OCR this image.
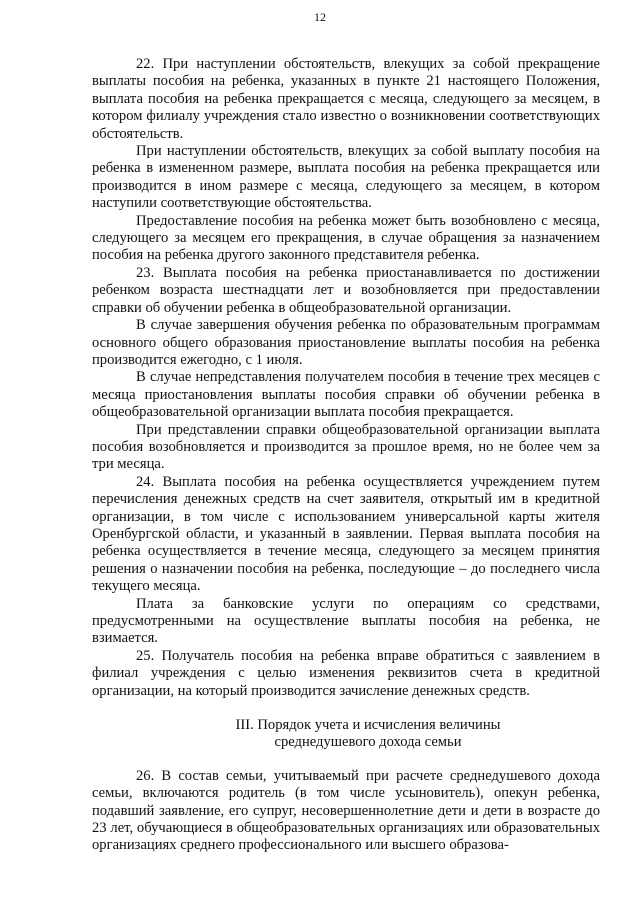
12

22. При наступлении обстоятельств, влекущих за собой прекращение выплаты пособия на ребенка, указанных в пункте 21 настоящего Положения, выплата пособия на ребенка прекращается с месяца, следующего за месяцем, в котором филиалу учреждения стало известно о возникновении соответствующих обстоятельств.

При наступлении обстоятельств, влекущих за собой выплату пособия на ребенка в измененном размере, выплата пособия на ребенка прекращается или производится в ином размере с месяца, следующего за месяцем, в котором наступили соответствующие обстоятельства.

Предоставление пособия на ребенка может быть возобновлено с месяца, следующего за месяцем его прекращения, в случае обращения за назначением пособия на ребенка другого законного представителя ребенка.

23. Выплата пособия на ребенка приостанавливается по достижении ребенком возраста шестнадцати лет и возобновляется при предоставлении справки об обучении ребенка в общеобразовательной организации.

В случае завершения обучения ребенка по образовательным программам основного общего образования приостановление выплаты пособия на ребенка производится ежегодно, с 1 июля.

В случае непредставления получателем пособия в течение трех месяцев с месяца приостановления выплаты пособия справки об обучении ребенка в общеобразовательной организации выплата пособия прекращается.

При представлении справки общеобразовательной организации выплата пособия возобновляется и производится за прошлое время, но не более чем за три месяца.

24. Выплата пособия на ребенка осуществляется учреждением путем перечисления денежных средств на счет заявителя, открытый им в кредитной организации, в том числе с использованием универсальной карты жителя Оренбургской области, и указанный в заявлении. Первая выплата пособия на ребенка осуществляется в течение месяца, следующего за месяцем принятия решения о назначении пособия на ребенка, последующие – до последнего числа текущего месяца.

Плата за банковские услуги по операциям со средствами, предусмотренными на осуществление выплаты пособия на ребенка, не взимается.

25. Получатель пособия на ребенка вправе обратиться с заявлением в филиал учреждения с целью изменения реквизитов счета в кредитной организации, на который производится зачисление денежных средств.

III. Порядок учета и исчисления величины
среднедушевого дохода семьи

26. В состав семьи, учитываемый при расчете среднедушевого дохода семьи, включаются родитель (в том числе усыновитель), опекун ребенка, подавший заявление, его супруг, несовершеннолетние дети и дети в возрасте до 23 лет, обучающиеся в общеобразовательных организациях или образовательных организациях среднего профессионального или высшего образова-
